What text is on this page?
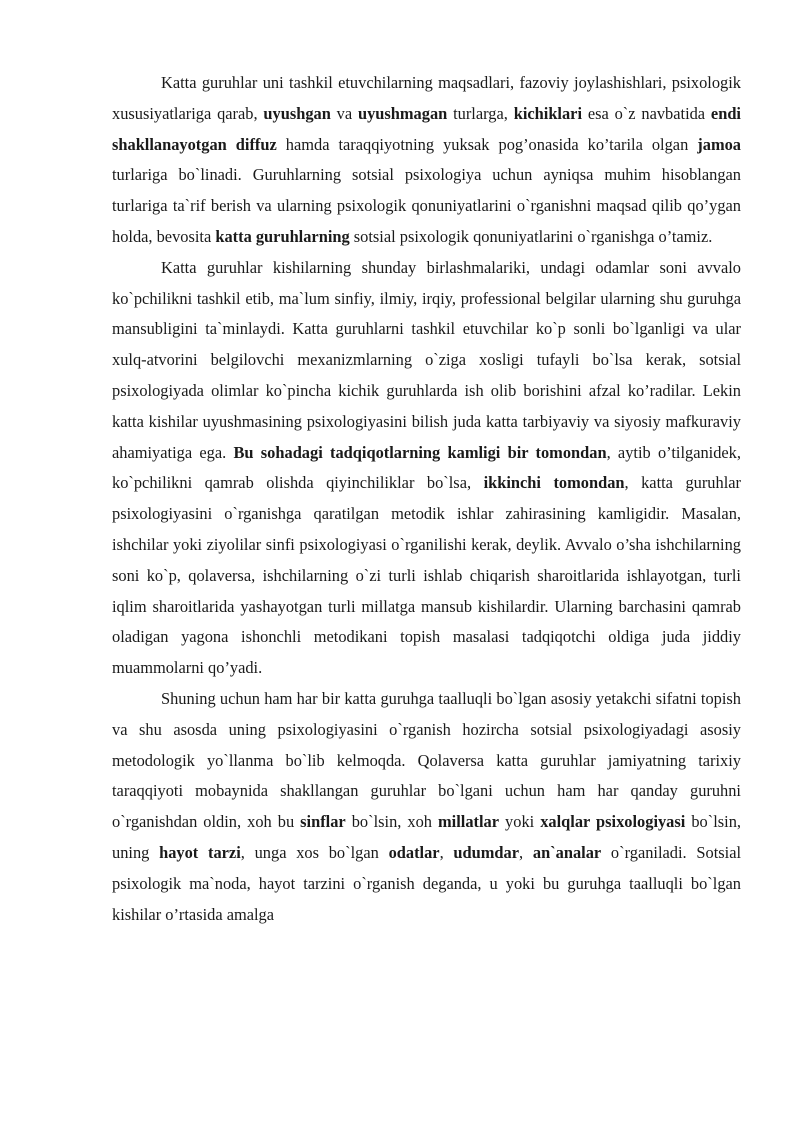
Katta guruhlar uni tashkil etuvchilarning maqsadlari, fazoviy joylashishlari, psixologik xususiyatlariga qarab, uyushgan va uyushmagan turlarga, kichiklari esa o`z navbatida endi shakllanayotgan diffuz hamda taraqqiyotning yuksak pog’onasida ko’tarila olgan jamoa turlariga bo`linadi. Guruhlarning sotsial psixologiya uchun ayniqsa muhim hisoblangan turlariga ta`rif berish va ularning psixologik qonuniyatlarini o`rganishni maqsad qilib qo’ygan holda, bevosita katta guruhlarning sotsial psixologik qonuniyatlarini o`rganishga o’tamiz.

Katta guruhlar kishilarning shunday birlashmalariki, undagi odamlar soni avvalo ko`pchilikni tashkil etib, ma`lum sinfiy, ilmiy, irqiy, professional belgilar ularning shu guruhga mansubligini ta`minlaydi. Katta guruhlarni tashkil etuvchilar ko`p sonli bo`lganligi va ular xulq-atvorini belgilovchi mexanizmlarning o`ziga xosligi tufayli bo`lsa kerak, sotsial psixologiyada olimlar ko`pincha kichik guruhlarda ish olib borishini afzal ko’radilar. Lekin katta kishilar uyushmasining psixologiyasini bilish juda katta tarbiyaviy va siyosiy mafkuraviy ahamiyatiga ega. Bu sohadagi tadqiqotlarning kamligi bir tomondan, aytib o’tilganidek, ko`pchilikni qamrab olishda qiyinchiliklar bo`lsa, ikkinchi tomondan, katta guruhlar psixologiyasini o`rganishga qaratilgan metodik ishlar zahirasining kamligidir. Masalan, ishchilar yoki ziyolilar sinfi psixologiyasi o`rganilishi kerak, deylik. Avvalo o’sha ishchilarning soni ko`p, qolaversa, ishchilarning o`zi turli ishlab chiqarish sharoitlarida ishlayotgan, turli iqlim sharoitlarida yashayotgan turli millatga mansub kishilardir. Ularning barchasini qamrab oladigan yagona ishonchli metodikani topish masalasi tadqiqotchi oldiga juda jiddiy muammolarni qo’yadi.

Shuning uchun ham har bir katta guruhga taalluqli bo`lgan asosiy yetakchi sifatni topish va shu asosda uning psixologiyasini o`rganish hozircha sotsial psixologiyadagi asosiy metodologik yo`llanma bo`lib kelmoqda. Qolaversa katta guruhlar jamiyatning tarixiy taraqqiyoti mobaynida shakllangan guruhlar bo`lgani uchun ham har qanday guruhni o`rganishdan oldin, xoh bu sinflar bo`lsin, xoh millatlar yoki xalqlar psixologiyasi bo`lsin, uning hayot tarzi, unga xos bo`lgan odatlar, udumdar, an`analar o`rganiladi. Sotsial psixologik ma`noda, hayot tarzini o`rganish deganda, u yoki bu guruhga taalluqli bo`lgan kishilar o’rtasida amalga
